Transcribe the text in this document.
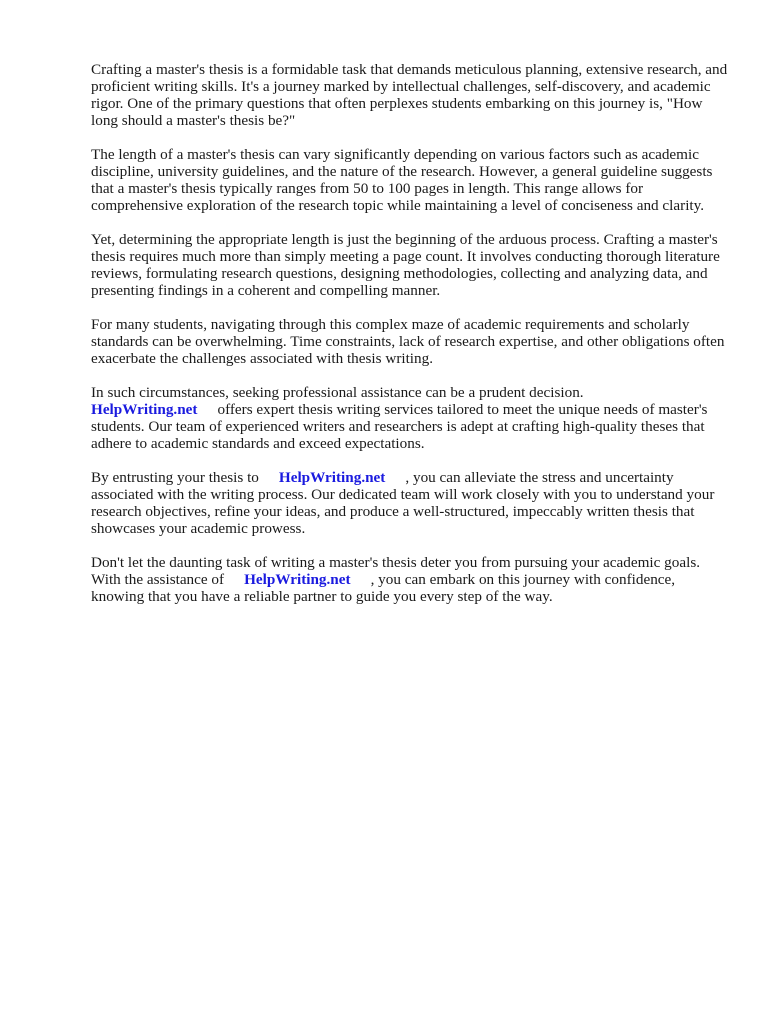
Crafting a master's thesis is a formidable task that demands meticulous planning, extensive research, and proficient writing skills. It's a journey marked by intellectual challenges, self-discovery, and academic rigor. One of the primary questions that often perplexes students embarking on this journey is, "How long should a master's thesis be?"

The length of a master's thesis can vary significantly depending on various factors such as academic discipline, university guidelines, and the nature of the research. However, a general guideline suggests that a master's thesis typically ranges from 50 to 100 pages in length. This range allows for comprehensive exploration of the research topic while maintaining a level of conciseness and clarity.

Yet, determining the appropriate length is just the beginning of the arduous process. Crafting a master's thesis requires much more than simply meeting a page count. It involves conducting thorough literature reviews, formulating research questions, designing methodologies, collecting and analyzing data, and presenting findings in a coherent and compelling manner.

For many students, navigating through this complex maze of academic requirements and scholarly standards can be overwhelming. Time constraints, lack of research expertise, and other obligations often exacerbate the challenges associated with thesis writing.

In such circumstances, seeking professional assistance can be a prudent decision.
HelpWriting.net offers expert thesis writing services tailored to meet the unique needs of master's students. Our team of experienced writers and researchers is adept at crafting high-quality theses that adhere to academic standards and exceed expectations.

By entrusting your thesis to HelpWriting.net , you can alleviate the stress and uncertainty associated with the writing process. Our dedicated team will work closely with you to understand your research objectives, refine your ideas, and produce a well-structured, impeccably written thesis that showcases your academic prowess.

Don't let the daunting task of writing a master's thesis deter you from pursuing your academic goals. With the assistance of HelpWriting.net , you can embark on this journey with confidence, knowing that you have a reliable partner to guide you every step of the way.
